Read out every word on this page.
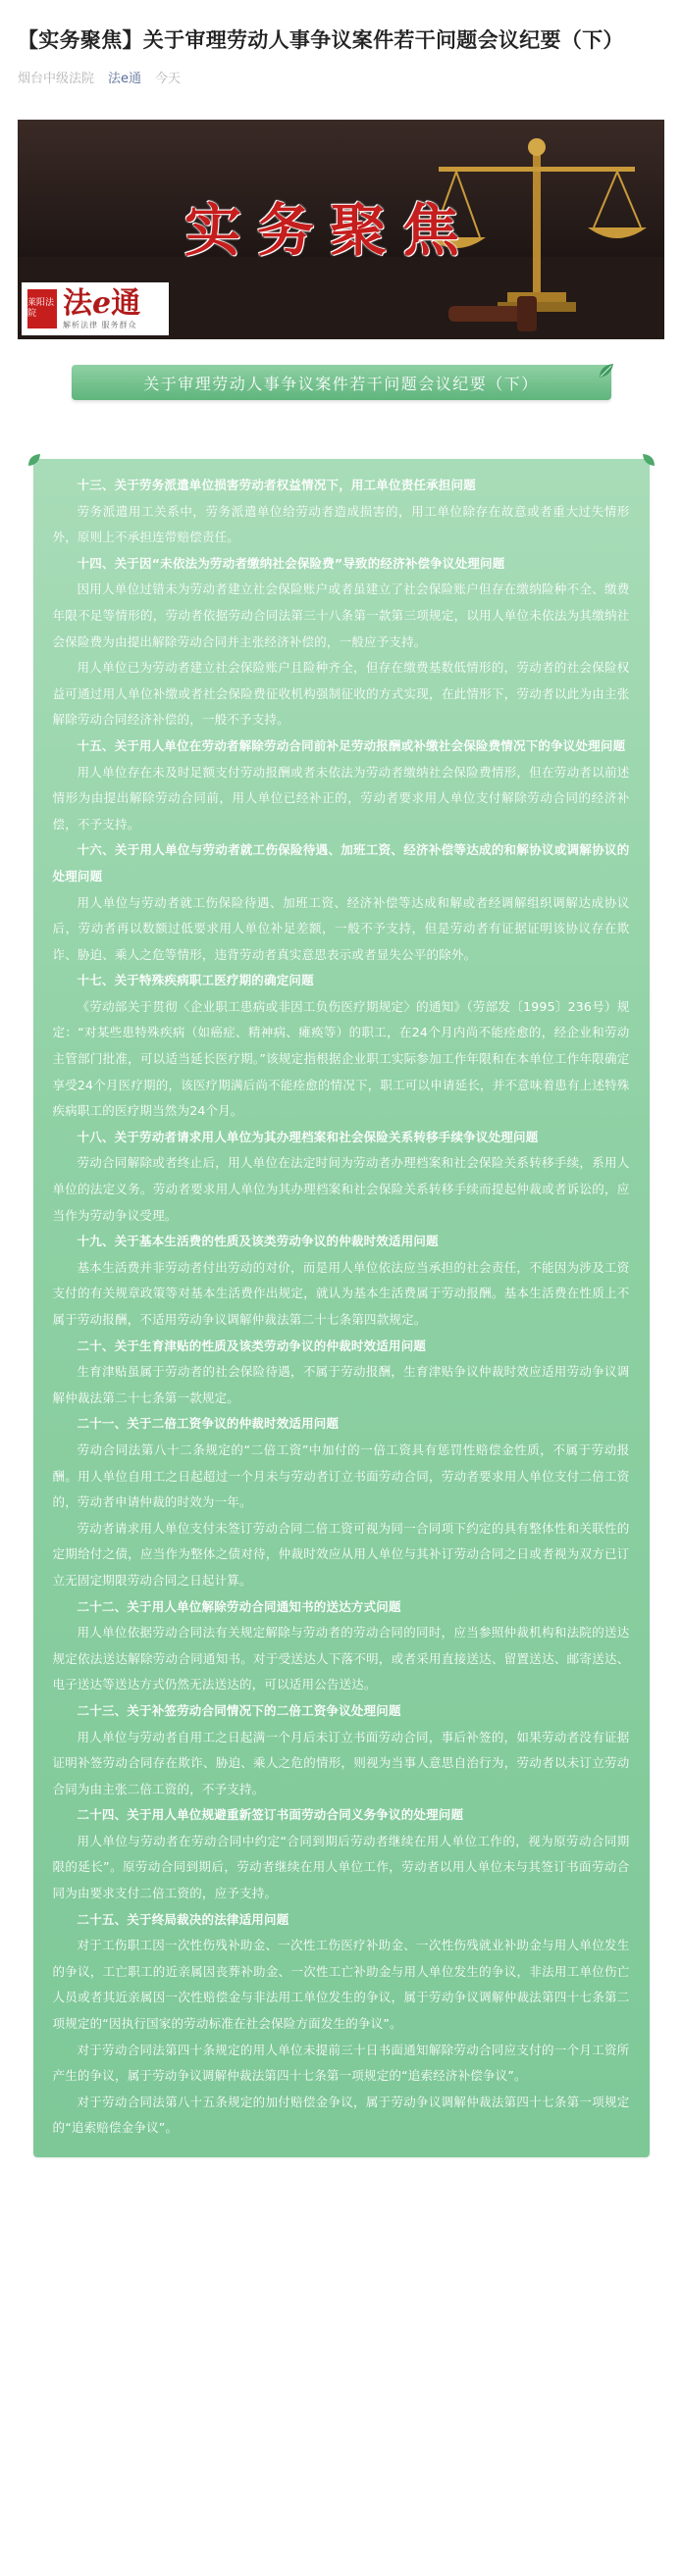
【实务聚焦】关于审理劳动人事争议案件若干问题会议纪要（下）
烟台中级法院 法e通 今天
实务聚焦
莱阳法院 法e通
解析法律 服务群众
关于审理劳动人事争议案件若干问题会议纪要（下）

十三、关于劳务派遣单位损害劳动者权益情况下，用工单位责任承担问题

劳务派遣用工关系中，劳务派遣单位给劳动者造成损害的，用工单位除存在故意或者重大过失情形外，原则上不承担连带赔偿责任。

十四、关于因“未依法为劳动者缴纳社会保险费”导致的经济补偿争议处理问题

因用人单位过错未为劳动者建立社会保险账户或者虽建立了社会保险账户但存在缴纳险种不全、缴费年限不足等情形的，劳动者依据劳动合同法第三十八条第一款第三项规定，以用人单位未依法为其缴纳社会保险费为由提出解除劳动合同并主张经济补偿的，一般应予支持。

用人单位已为劳动者建立社会保险账户且险种齐全，但存在缴费基数低情形的，劳动者的社会保险权益可通过用人单位补缴或者社会保险费征收机构强制征收的方式实现，在此情形下，劳动者以此为由主张解除劳动合同经济补偿的，一般不予支持。

十五、关于用人单位在劳动者解除劳动合同前补足劳动报酬或补缴社会保险费情况下的争议处理问题

用人单位存在未及时足额支付劳动报酬或者未依法为劳动者缴纳社会保险费情形，但在劳动者以前述情形为由提出解除劳动合同前，用人单位已经补正的，劳动者要求用人单位支付解除劳动合同的经济补偿，不予支持。

十六、关于用人单位与劳动者就工伤保险待遇、加班工资、经济补偿等达成的和解协议或调解协议的处理问题

用人单位与劳动者就工伤保险待遇、加班工资、经济补偿等达成和解或者经调解组织调解达成协议后，劳动者再以数额过低要求用人单位补足差额，一般不予支持，但是劳动者有证据证明该协议存在欺诈、胁迫、乘人之危等情形，违背劳动者真实意思表示或者显失公平的除外。

十七、关于特殊疾病职工医疗期的确定问题

《劳动部关于贯彻〈企业职工患病或非因工负伤医疗期规定〉的通知》（劳部发〔1995〕236号）规定：“对某些患特殊疾病（如癌症、精神病、瘫痪等）的职工，在24个月内尚不能痊愈的，经企业和劳动主管部门批准，可以适当延长医疗期。”该规定指根据企业职工实际参加工作年限和在本单位工作年限确定享受24个月医疗期的，该医疗期满后尚不能痊愈的情况下，职工可以申请延长，并不意味着患有上述特殊疾病职工的医疗期当然为24个月。

十八、关于劳动者请求用人单位为其办理档案和社会保险关系转移手续争议处理问题

劳动合同解除或者终止后，用人单位在法定时间为劳动者办理档案和社会保险关系转移手续，系用人单位的法定义务。劳动者要求用人单位为其办理档案和社会保险关系转移手续而提起仲裁或者诉讼的，应当作为劳动争议受理。

十九、关于基本生活费的性质及该类劳动争议的仲裁时效适用问题

基本生活费并非劳动者付出劳动的对价，而是用人单位依法应当承担的社会责任，不能因为涉及工资支付的有关规章政策等对基本生活费作出规定，就认为基本生活费属于劳动报酬。基本生活费在性质上不属于劳动报酬，不适用劳动争议调解仲裁法第二十七条第四款规定。

二十、关于生育津贴的性质及该类劳动争议的仲裁时效适用问题

生育津贴虽属于劳动者的社会保险待遇，不属于劳动报酬，生育津贴争议仲裁时效应适用劳动争议调解仲裁法第二十七条第一款规定。

二十一、关于二倍工资争议的仲裁时效适用问题

劳动合同法第八十二条规定的“二倍工资”中加付的一倍工资具有惩罚性赔偿金性质，不属于劳动报酬。用人单位自用工之日起超过一个月未与劳动者订立书面劳动合同，劳动者要求用人单位支付二倍工资的，劳动者申请仲裁的时效为一年。

劳动者请求用人单位支付未签订劳动合同二倍工资可视为同一合同项下约定的具有整体性和关联性的定期给付之债，应当作为整体之债对待，仲裁时效应从用人单位与其补订劳动合同之日或者视为双方已订立无固定期限劳动合同之日起计算。

二十二、关于用人单位解除劳动合同通知书的送达方式问题

用人单位依据劳动合同法有关规定解除与劳动者的劳动合同的同时，应当参照仲裁机构和法院的送达规定依法送达解除劳动合同通知书。对于受送达人下落不明，或者采用直接送达、留置送达、邮寄送达、电子送达等送达方式仍然无法送达的，可以适用公告送达。

二十三、关于补签劳动合同情况下的二倍工资争议处理问题

用人单位与劳动者自用工之日起满一个月后未订立书面劳动合同，事后补签的，如果劳动者没有证据证明补签劳动合同存在欺诈、胁迫、乘人之危的情形，则视为当事人意思自治行为，劳动者以未订立劳动合同为由主张二倍工资的，不予支持。

二十四、关于用人单位规避重新签订书面劳动合同义务争议的处理问题

用人单位与劳动者在劳动合同中约定“合同到期后劳动者继续在用人单位工作的，视为原劳动合同期限的延长”。原劳动合同到期后，劳动者继续在用人单位工作，劳动者以用人单位未与其签订书面劳动合同为由要求支付二倍工资的，应予支持。

二十五、关于终局裁决的法律适用问题

对于工伤职工因一次性伤残补助金、一次性工伤医疗补助金、一次性伤残就业补助金与用人单位发生的争议，工亡职工的近亲属因丧葬补助金、一次性工亡补助金与用人单位发生的争议，非法用工单位伤亡人员或者其近亲属因一次性赔偿金与非法用工单位发生的争议，属于劳动争议调解仲裁法第四十七条第二项规定的“因执行国家的劳动标准在社会保险方面发生的争议”。

对于劳动合同法第四十条规定的用人单位未提前三十日书面通知解除劳动合同应支付的一个月工资所产生的争议，属于劳动争议调解仲裁法第四十七条第一项规定的“追索经济补偿争议”。

对于劳动合同法第八十五条规定的加付赔偿金争议，属于劳动争议调解仲裁法第四十七条第一项规定的“追索赔偿金争议”。
